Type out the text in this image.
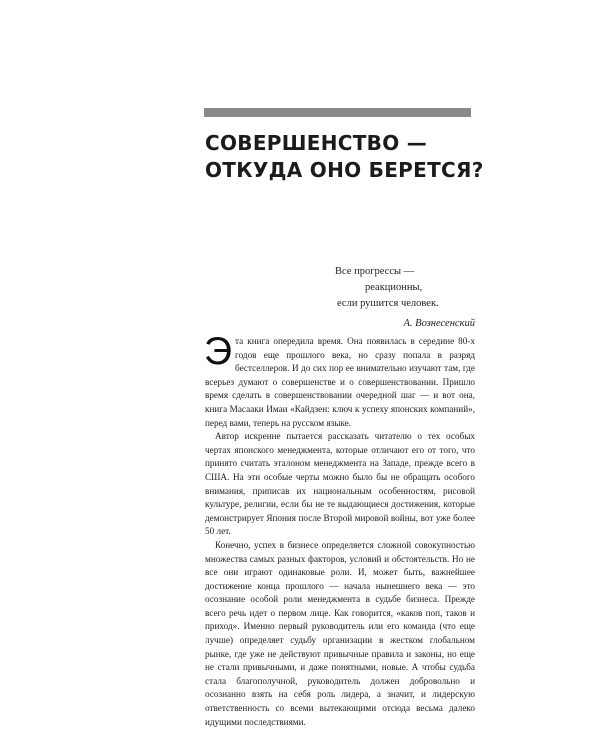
СОВЕРШЕНСТВО —
ОТКУДА ОНО БЕРЕТСЯ?
Все прогрессы —
реакционны,
если рушится человек.
А. Вознесенский

Эта книга опередила время. Она появилась в середине 80-х годов еще прошлого века, но сразу попала в разряд бестселлеров. И до сих пор ее внимательно изучают там, где всерьез думают о совершенстве и о совершенствовании. Пришло время сделать в совершенствовании очередной шаг — и вот она, книга Масааки Имаи «Кайдзен: ключ к успеху японских компаний», перед вами, теперь на русском языке.

Автор искренне пытается рассказать читателю о тех особых чертах японского менеджмента, которые отличают его от того, что принято считать эталоном менеджмента на Западе, прежде всего в США. На эти особые черты можно было бы не обращать особого внимания, приписав их национальным особенностям, рисовой культуре, религии, если бы не те выдающиеся достижения, которые демонстрирует Япония после Второй мировой войны, вот уже более 50 лет.

Конечно, успех в бизнесе определяется сложной совокупностью множества самых разных факторов, условий и обстоятельств. Но не все они играют одинаковые роли. И, может быть, важнейшее достижение конца прошлого — начала нынешнего века — это осознание особой роли менеджмента в судьбе бизнеса. Прежде всего речь идет о первом лице. Как говорится, «каков поп, таков и приход». Именно первый руководитель или его команда (что еще лучше) определяет судьбу организации в жестком глобальном рынке, где уже не действуют привычные правила и законы, но еще не стали привычными, и даже понятными, новые. А чтобы судьба стала благополучной, руководитель должен добровольно и осознанно взять на себя роль лидера, а значит, и лидерскую ответственность со всеми вытекающими отсюда весьма далеко идущими последствиями.
